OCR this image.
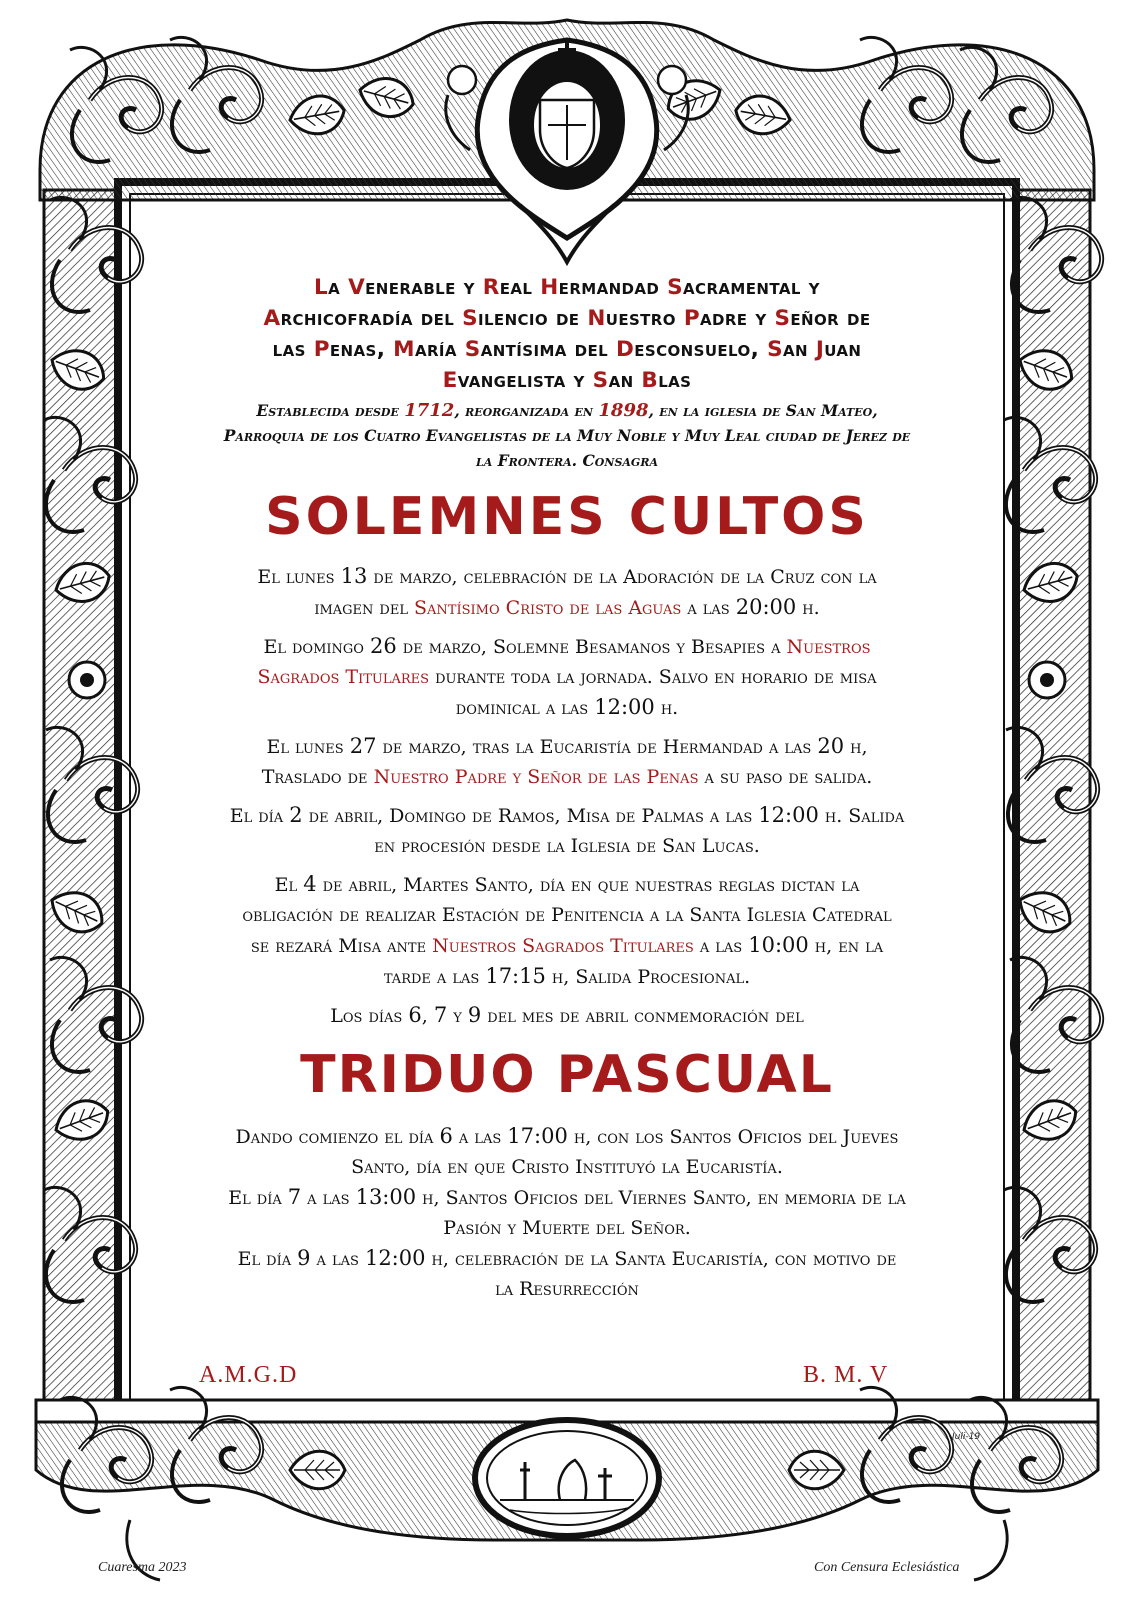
La Venerable y Real Hermandad Sacramental y
Archicofradía del Silencio de Nuestro Padre y Señor de
las Penas, María Santísima del Desconsuelo, San Juan
Evangelista y San Blas
Establecida desde 1712, reorganizada en 1898, en la iglesia de San Mateo,
Parroquia de los Cuatro Evangelistas de la Muy Noble y Muy Leal ciudad de Jerez de
la Frontera. Consagra
SOLEMNES CULTOS
El lunes 13 de marzo, celebración de la Adoración de la Cruz con la
imagen del Santísimo Cristo de las Aguas a las 20:00 h.
El domingo 26 de marzo, Solemne Besamanos y Besapies a Nuestros
Sagrados Titulares durante toda la jornada. Salvo en horario de misa
dominical a las 12:00 h.
El lunes 27 de marzo, tras la Eucaristía de Hermandad a las 20 h,
Traslado de Nuestro Padre y Señor de las Penas a su paso de salida.
El día 2 de abril, Domingo de Ramos, Misa de Palmas a las 12:00 h. Salida
en procesión desde la Iglesia de San Lucas.
El 4 de abril, Martes Santo, día en que nuestras reglas dictan la
obligación de realizar Estación de Penitencia a la Santa Iglesia Catedral
se rezará Misa ante Nuestros Sagrados Titulares a las 10:00 h, en la
tarde a las 17:15 h, Salida Procesional.
Los días 6, 7 y 9 del mes de abril conmemoración del
TRIDUO PASCUAL
Dando comienzo el día 6 a las 17:00 h, con los Santos Oficios del Jueves
Santo, día en que Cristo Instituyó la Eucaristía.
El día 7 a las 13:00 h, Santos Oficios del Viernes Santo, en memoria de la
Pasión y Muerte del Señor.
El día 9 a las 12:00 h, celebración de la Santa Eucaristía, con motivo de
la Resurrección
A.M.G.D	B. M. V
Juli-19
Cuaresma 2023	Con Censura Eclesiástica
